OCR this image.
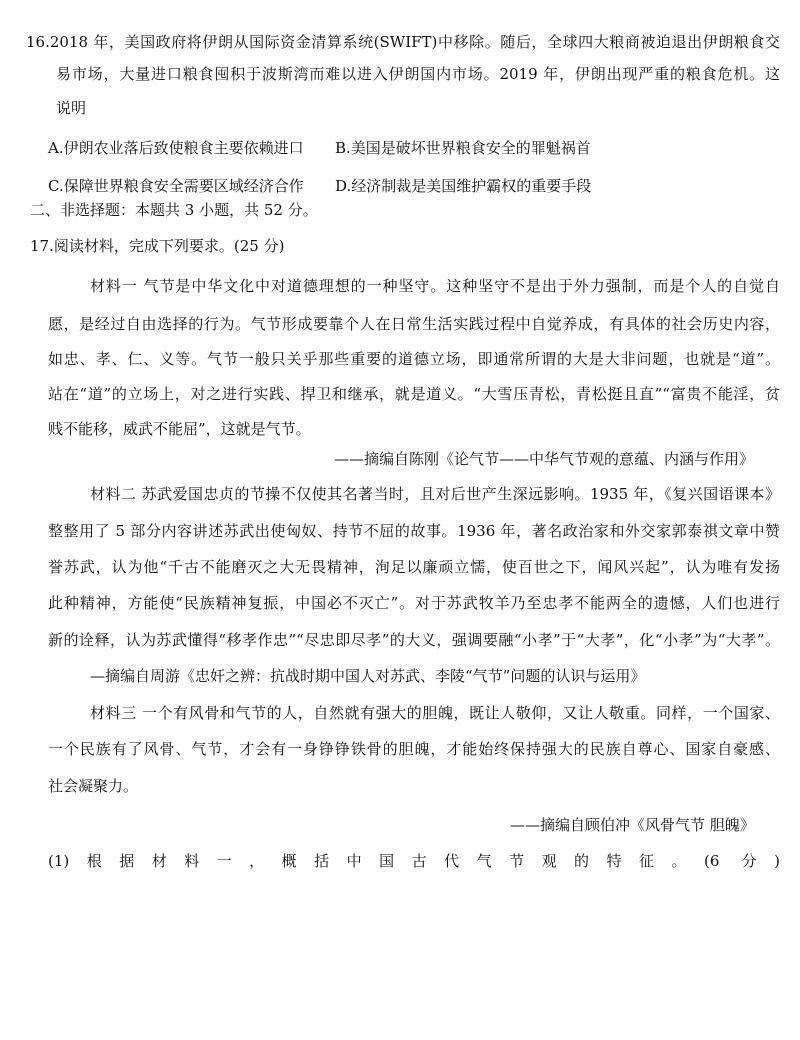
16.2018 年，美国政府将伊朗从国际资金清算系统(SWIFT)中移除。随后，全球四大粮商被迫退出伊朗粮食交
易市场，大量进口粮食囤积于波斯湾而难以进入伊朗国内市场。2019 年，伊朗出现严重的粮食危机。这
说明
A.伊朗农业落后致使粮食主要依赖进口 B.美国是破坏世界粮食安全的罪魁祸首
C.保障世界粮食安全需要区域经济合作 D.经济制裁是美国维护霸权的重要手段
二、非选择题：本题共 3 小题，共 52 分。
17.阅读材料，完成下列要求。(25 分)
材料一 气节是中华文化中对道德理想的一种坚守。这种坚守不是出于外力强制，而是个人的自觉自
愿，是经过自由选择的行为。气节形成要靠个人在日常生活实践过程中自觉养成，有具体的社会历史内容，
如忠、孝、仁、义等。气节一般只关乎那些重要的道德立场，即通常所谓的大是大非问题，也就是“道”。
站在“道”的立场上，对之进行实践、捍卫和继承，就是道义。“大雪压青松，青松挺且直”“富贵不能淫，贫
贱不能移，威武不能屈”，这就是气节。
——摘编自陈刚《论气节——中华气节观的意蕴、内涵与作用》
材料二 苏武爱国忠贞的节操不仅使其名著当时，且对后世产生深远影响。1935 年，《复兴国语课本》
整整用了 5 部分内容讲述苏武出使匈奴、持节不屈的故事。1936 年，著名政治家和外交家郭泰祺文章中赞
誉苏武，认为他“千古不能磨灭之大无畏精神，洵足以廉顽立懦，使百世之下，闻风兴起”，认为唯有发扬
此种精神，方能使“民族精神复振，中国必不灭亡”。对于苏武牧羊乃至忠孝不能两全的遗憾，人们也进行
新的诠释，认为苏武懂得“移孝作忠”“尽忠即尽孝”的大义，强调要融“小孝”于“大孝”，化“小孝”为“大孝”。
—摘编自周游《忠奸之辨：抗战时期中国人对苏武、李陵“气节”问题的认识与运用》
材料三 一个有风骨和气节的人，自然就有强大的胆魄，既让人敬仰，又让人敬重。同样，一个国家、
一个民族有了风骨、气节，才会有一身铮铮铁骨的胆魄，才能始终保持强大的民族自尊心、国家自豪感、
社会凝聚力。
——摘编自顾伯冲《风骨气节 胆魄》
(1)根据材料一，概括中国古代气节观的特征。(6 分)
